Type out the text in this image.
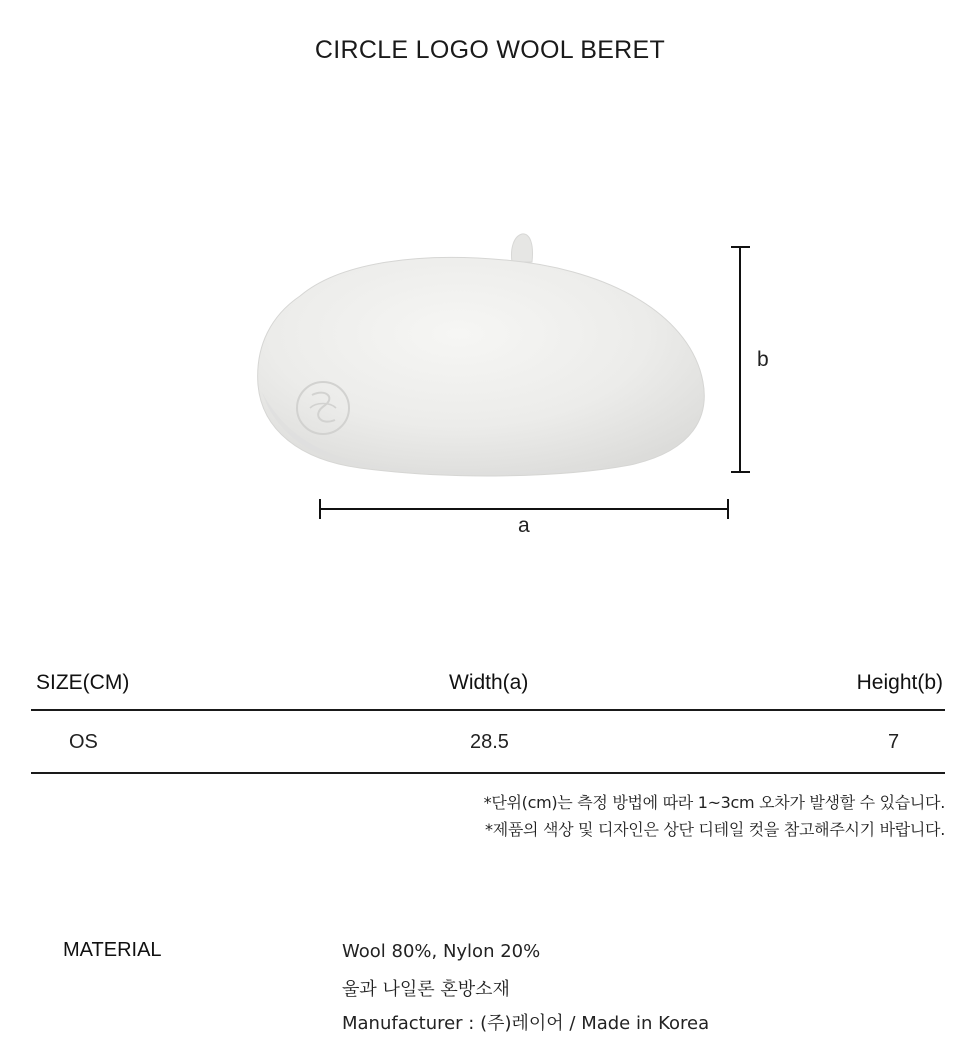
CIRCLE LOGO WOOL BERET
b
a
SIZE(CM)	Width(a)	Height(b)
OS	28.5	7
*단위(cm)는 측정 방법에 따라 1~3cm 오차가 발생할 수 있습니다.
*제품의 색상 및 디자인은 상단 디테일 컷을 참고해주시기 바랍니다.
MATERIAL	Wool 80%, Nylon 20%
울과 나일론 혼방소재
Manufacturer : (주)레이어 / Made in Korea
